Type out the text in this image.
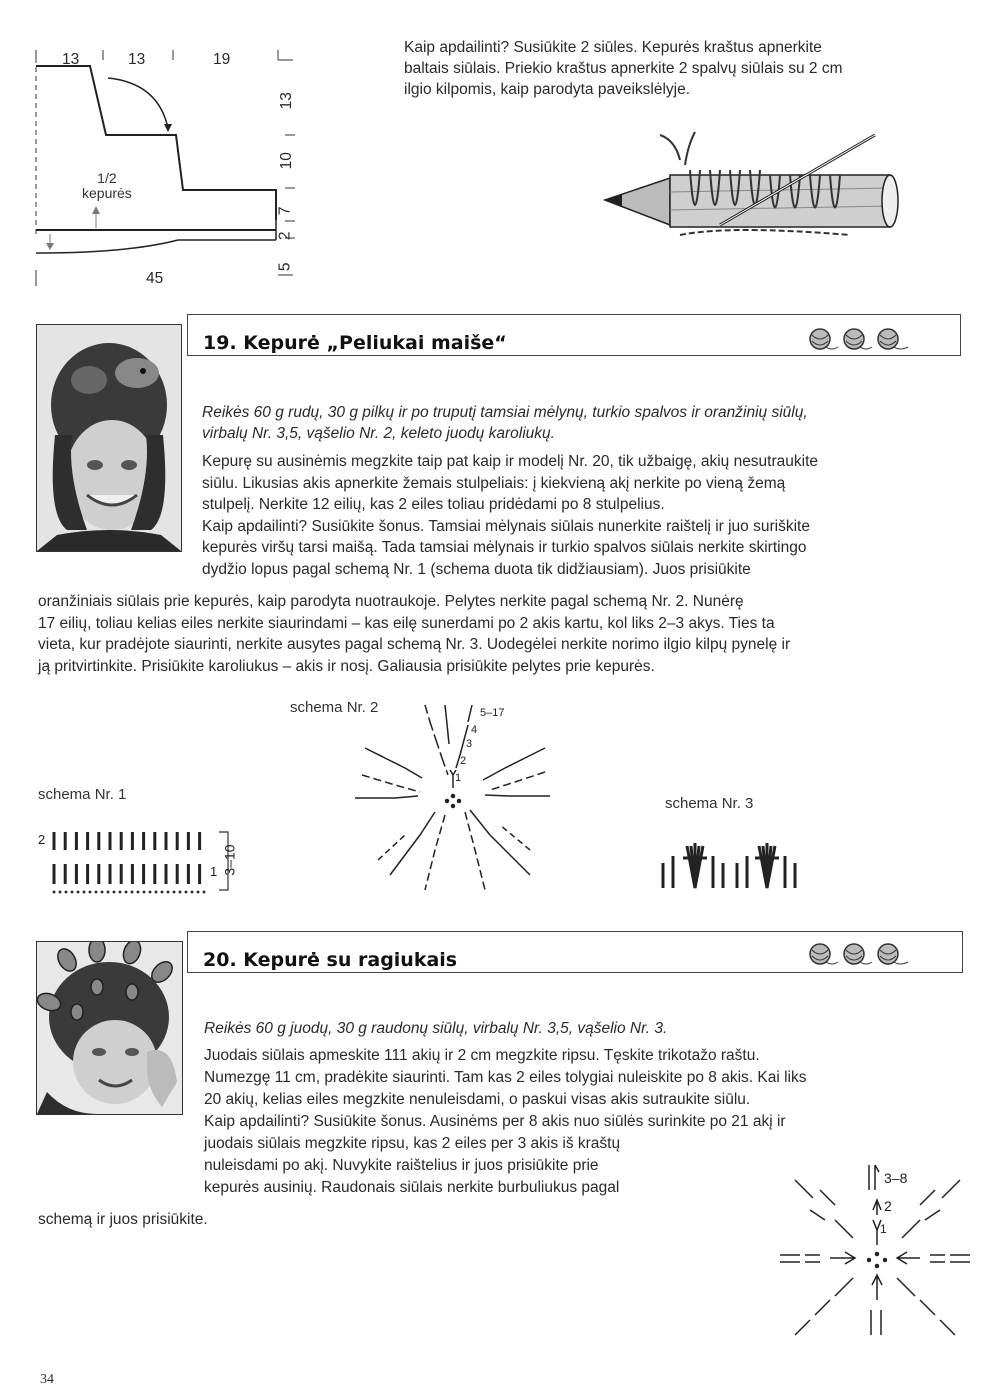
13	13	19
13
10
7
2
5
45
1/2
kepurės
Kaip apdailinti? Susiūkite 2 siūles. Kepurės kraštus apnerkite
baltais siūlais. Priekio kraštus apnerkite 2 spalvų siūlais su 2 cm
ilgio kilpomis, kaip parodyta paveikslėlyje.
19. Kepurė „Peliukai maiše“
Reikės 60 g rudų, 30 g pilkų ir po truputį tamsiai mėlynų, turkio spalvos ir oranžinių siūlų,
virbalų Nr. 3,5, vąšelio Nr. 2, keleto juodų karoliukų.
Kepurę su ausinėmis megzkite taip pat kaip ir modelį Nr. 20, tik užbaigę, akių nesutraukite
siūlu. Likusias akis apnerkite žemais stulpeliais: į kiekvieną akį nerkite po vieną žemą
stulpelį. Nerkite 12 eilių, kas 2 eiles toliau pridėdami po 8 stulpelius.
Kaip apdailinti? Susiūkite šonus. Tamsiai mėlynais siūlais nunerkite raištelį ir juo suriškite
kepurės viršų tarsi maišą. Tada tamsiai mėlynais ir turkio spalvos siūlais nerkite skirtingo
dydžio lopus pagal schemą Nr. 1 (schema duota tik didžiausiam). Juos prisiūkite
oranžiniais siūlais prie kepurės, kaip parodyta nuotraukoje. Pelytes nerkite pagal schemą Nr. 2. Nunėrę
17 eilių, toliau kelias eiles nerkite siaurindami – kas eilę sunerdami po 2 akis kartu, kol liks 2–3 akys. Ties ta
vieta, kur pradėjote siaurinti, nerkite ausytes pagal schemą Nr. 3. Uodegėlei nerkite norimo ilgio kilpų pynelę ir
ją pritvirtinkite. Prisiūkite karoliukus – akis ir nosį. Galiausia prisiūkite pelytes prie kepurės.
schema Nr. 1
schema Nr. 2
schema Nr. 3
2
1 3–10
5–17
4
3
2
1
20. Kepurė su ragiukais
Reikės 60 g juodų, 30 g raudonų siūlų, virbalų Nr. 3,5, vąšelio Nr. 3.
Juodais siūlais apmeskite 111 akių ir 2 cm megzkite ripsu. Tęskite trikotažo raštu.
Numezgę 11 cm, pradėkite siaurinti. Tam kas 2 eiles tolygiai nuleiskite po 8 akis. Kai liks
20 akių, kelias eiles megzkite nenuleisdami, o paskui visas akis sutraukite siūlu.
Kaip apdailinti? Susiūkite šonus. Ausinėms per 8 akis nuo siūlės surinkite po 21 akį ir
juodais siūlais megzkite ripsu, kas 2 eiles per 3 akis iš kraštų
nuleisdami po akį. Nuvykite raištelius ir juos prisiūkite prie
kepurės ausinių. Raudonais siūlais nerkite burbuliukus pagal
schemą ir juos prisiūkite.
3–8
2
1
34
